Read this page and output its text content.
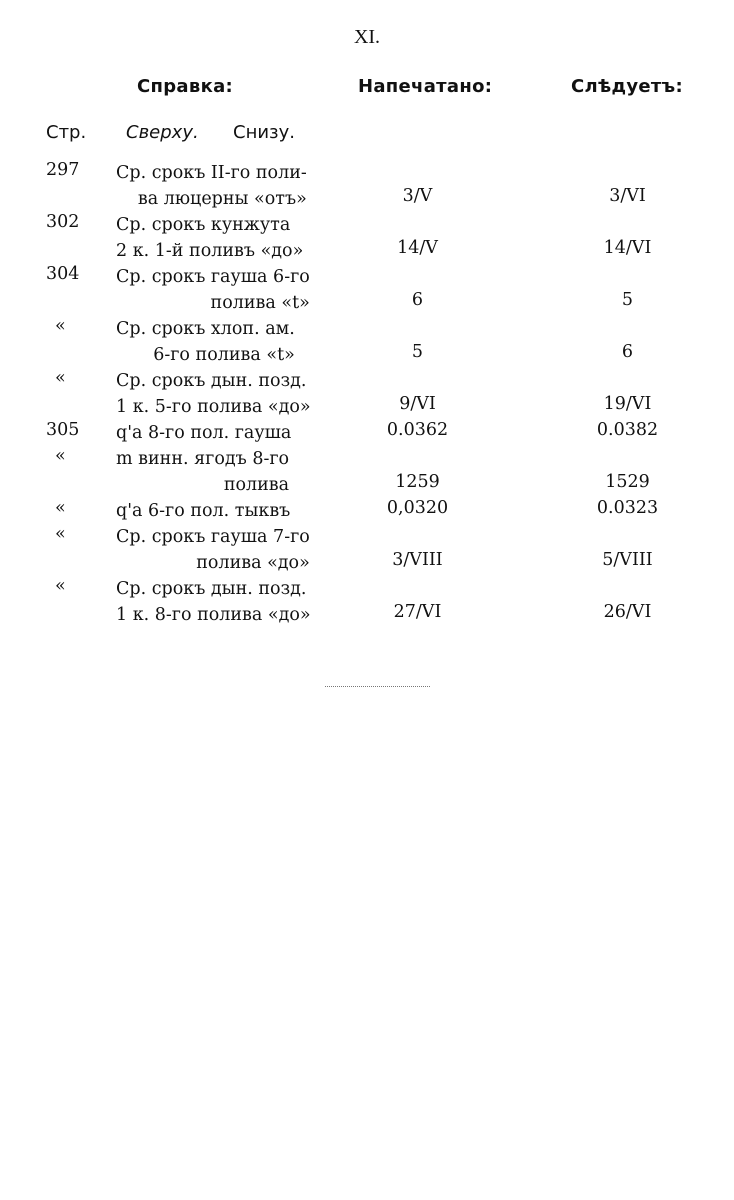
XI.
Справка:	Напечатано:	Слѣдуетъ:
Стр. Сверху. Снизу.
297 Ср. срокъ II-го поли-
ва люцерны «отъ»	3/V	3/VI
302 Ср. срокъ кунжута
2 к. 1-й поливъ «до»	14/V	14/VI
304 Ср. срокъ гауша 6-го
полива «t»	6	5
«	Ср. срокъ хлоп. ам.
6-го полива «t»	5	6
«	Ср. срокъ дын. позд.
1 к. 5-го полива «до»	9/VI	19/VI
305 q'a 8-го пол. гауша	0.0362	0.0382
«	m винн. ягодъ 8-го
полива	1259	1529
«	q'a 6-го пол. тыквъ	0,0320	0.0323
«	Ср. срокъ гауша 7-го
полива «до»	3/VIII	5/VIII
«	Ср. срокъ дын. позд.
1 к. 8-го полива «до»	27/VI	26/VI
